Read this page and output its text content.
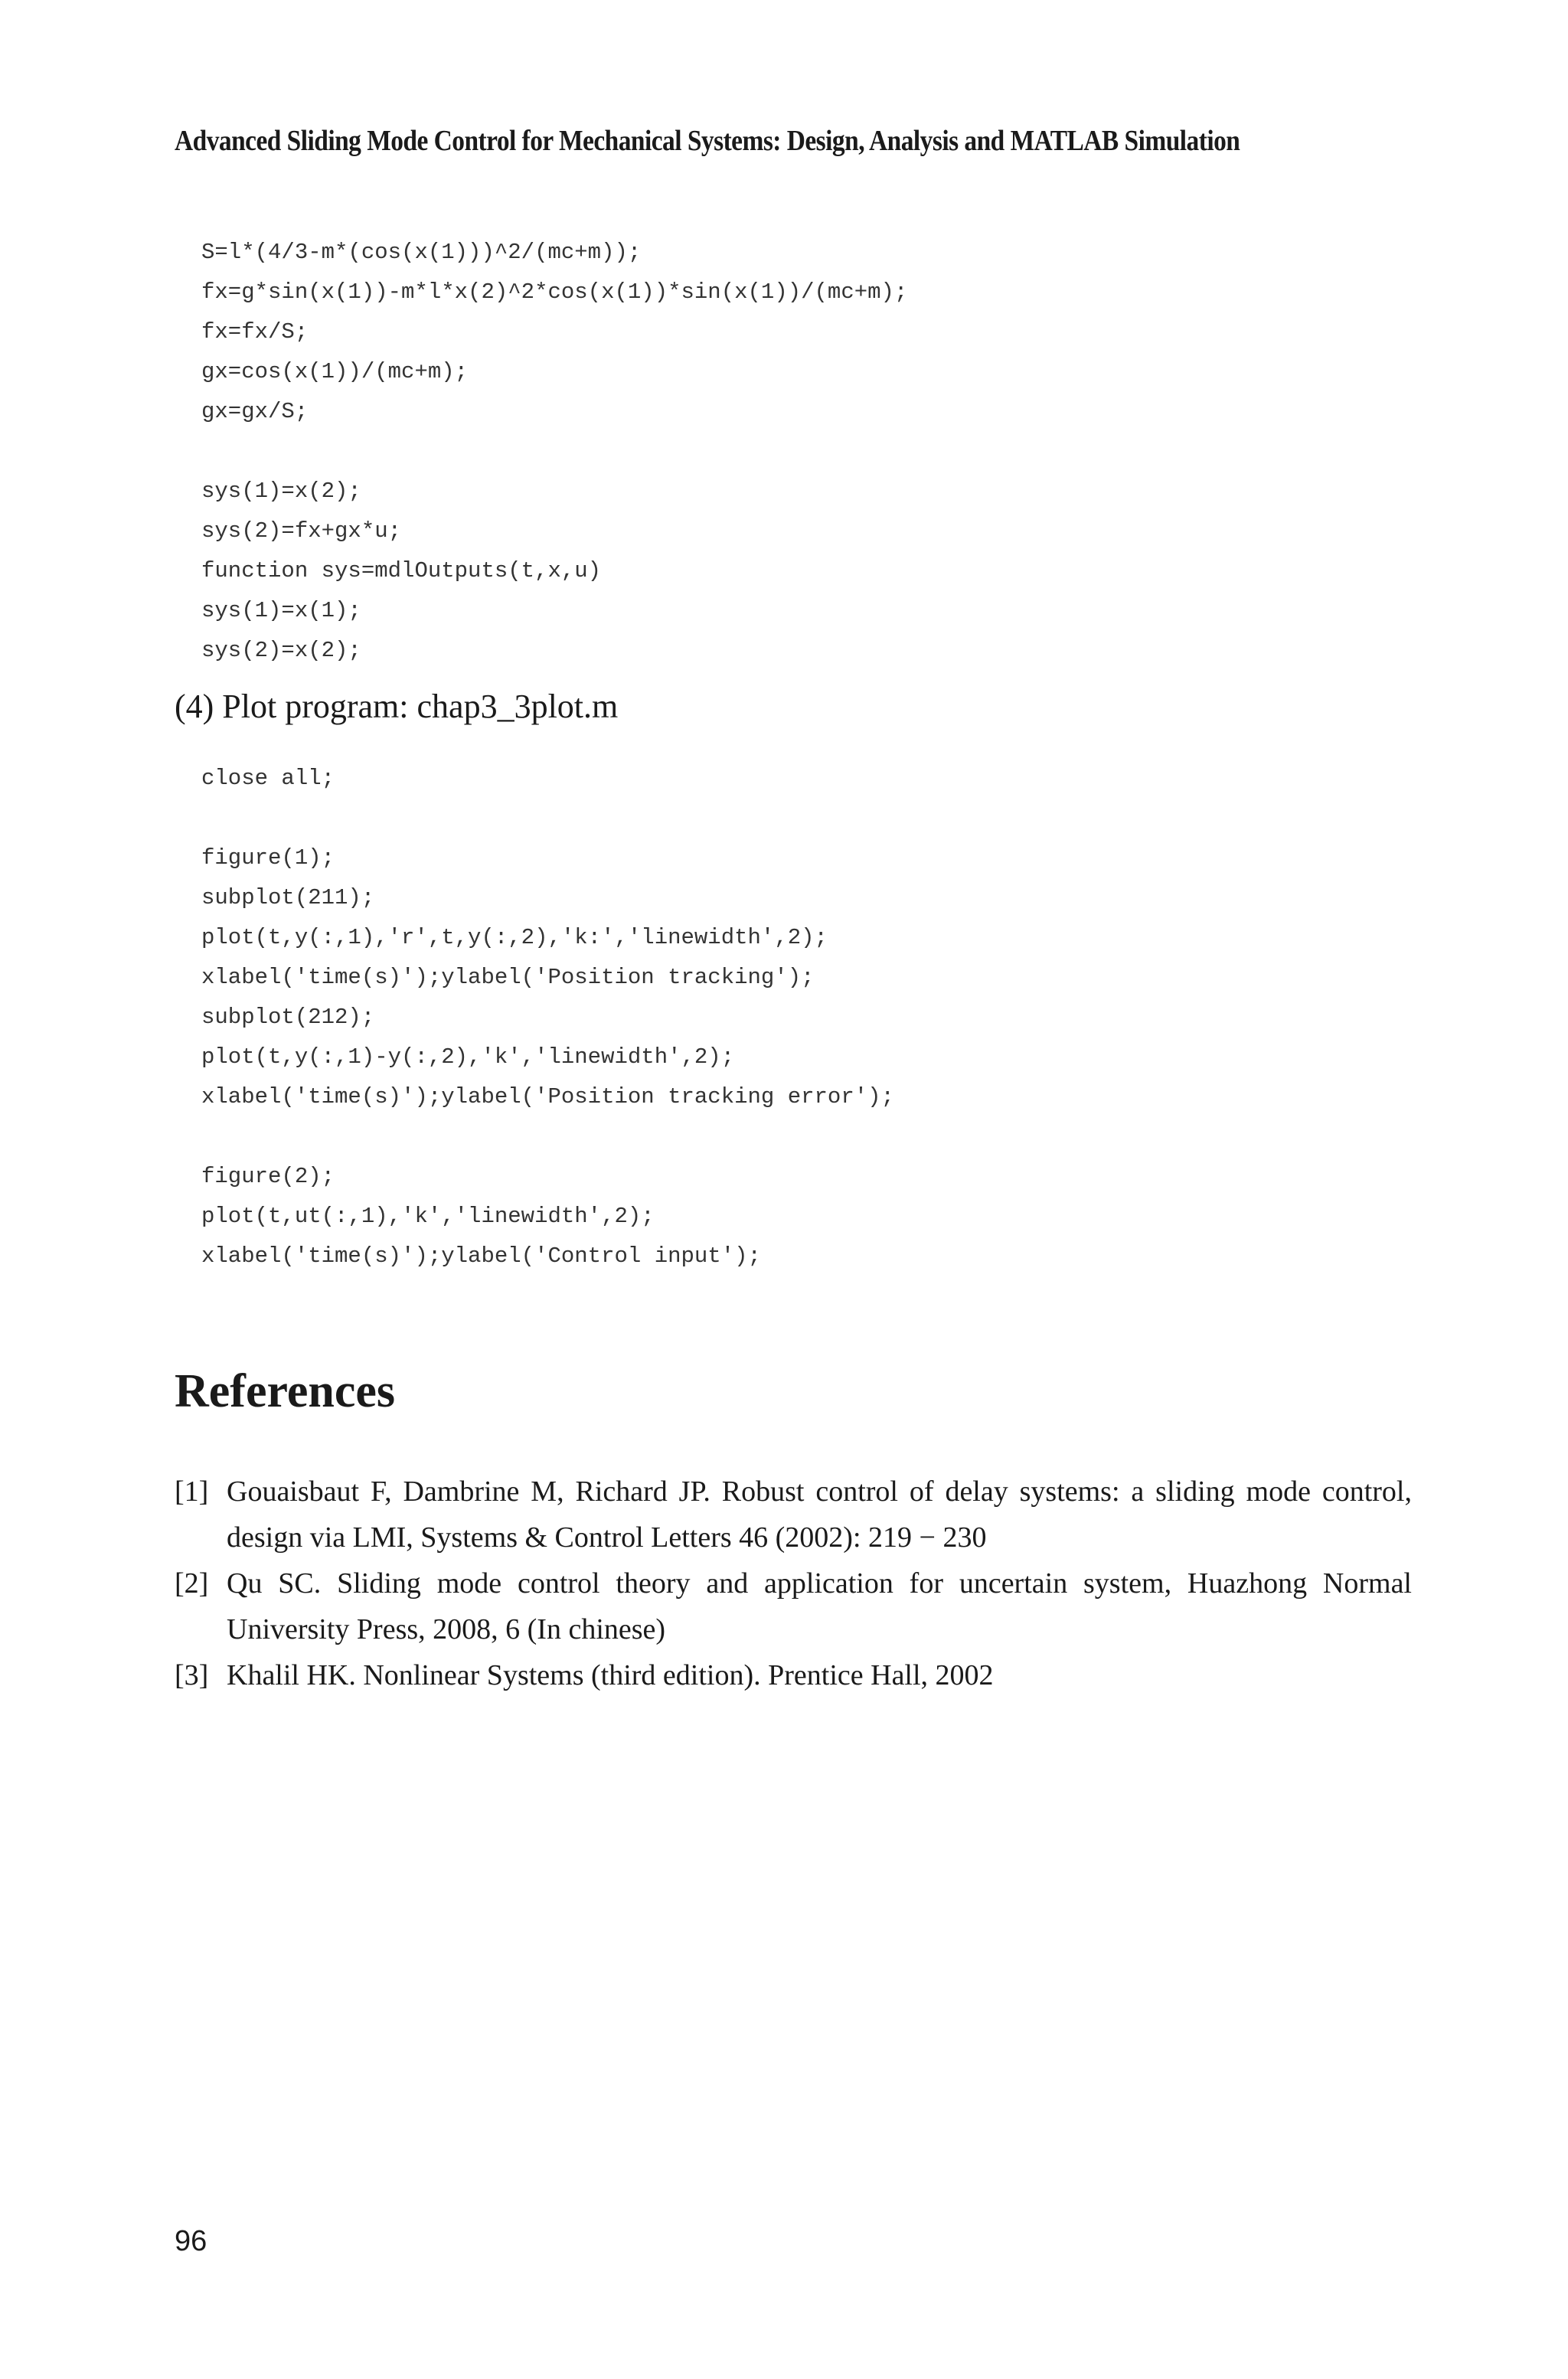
Advanced Sliding Mode Control for Mechanical Systems: Design, Analysis and MATLAB Simulation
S=l*(4/3-m*(cos(x(1)))^2/(mc+m));
fx=g*sin(x(1))-m*l*x(2)^2*cos(x(1))*sin(x(1))/(mc+m);
fx=fx/S;
gx=cos(x(1))/(mc+m);
gx=gx/S;
sys(1)=x(2);
sys(2)=fx+gx*u;
function sys=mdlOutputs(t,x,u)
sys(1)=x(1);
sys(2)=x(2);
(4) Plot program: chap3_3plot.m
close all;
figure(1);
subplot(211);
plot(t,y(:,1),'r',t,y(:,2),'k:','linewidth',2);
xlabel('time(s)');ylabel('Position tracking');
subplot(212);
plot(t,y(:,1)-y(:,2),'k','linewidth',2);
xlabel('time(s)');ylabel('Position tracking error');
figure(2);
plot(t,ut(:,1),'k','linewidth',2);
xlabel('time(s)');ylabel('Control input');
References
[1] Gouaisbaut F, Dambrine M, Richard JP. Robust control of delay systems: a sliding mode control, design via LMI, Systems & Control Letters 46 (2002): 219 − 230
[2] Qu SC. Sliding mode control theory and application for uncertain system, Huazhong Normal University Press, 2008, 6 (In chinese)
[3] Khalil HK. Nonlinear Systems (third edition). Prentice Hall, 2002
96
